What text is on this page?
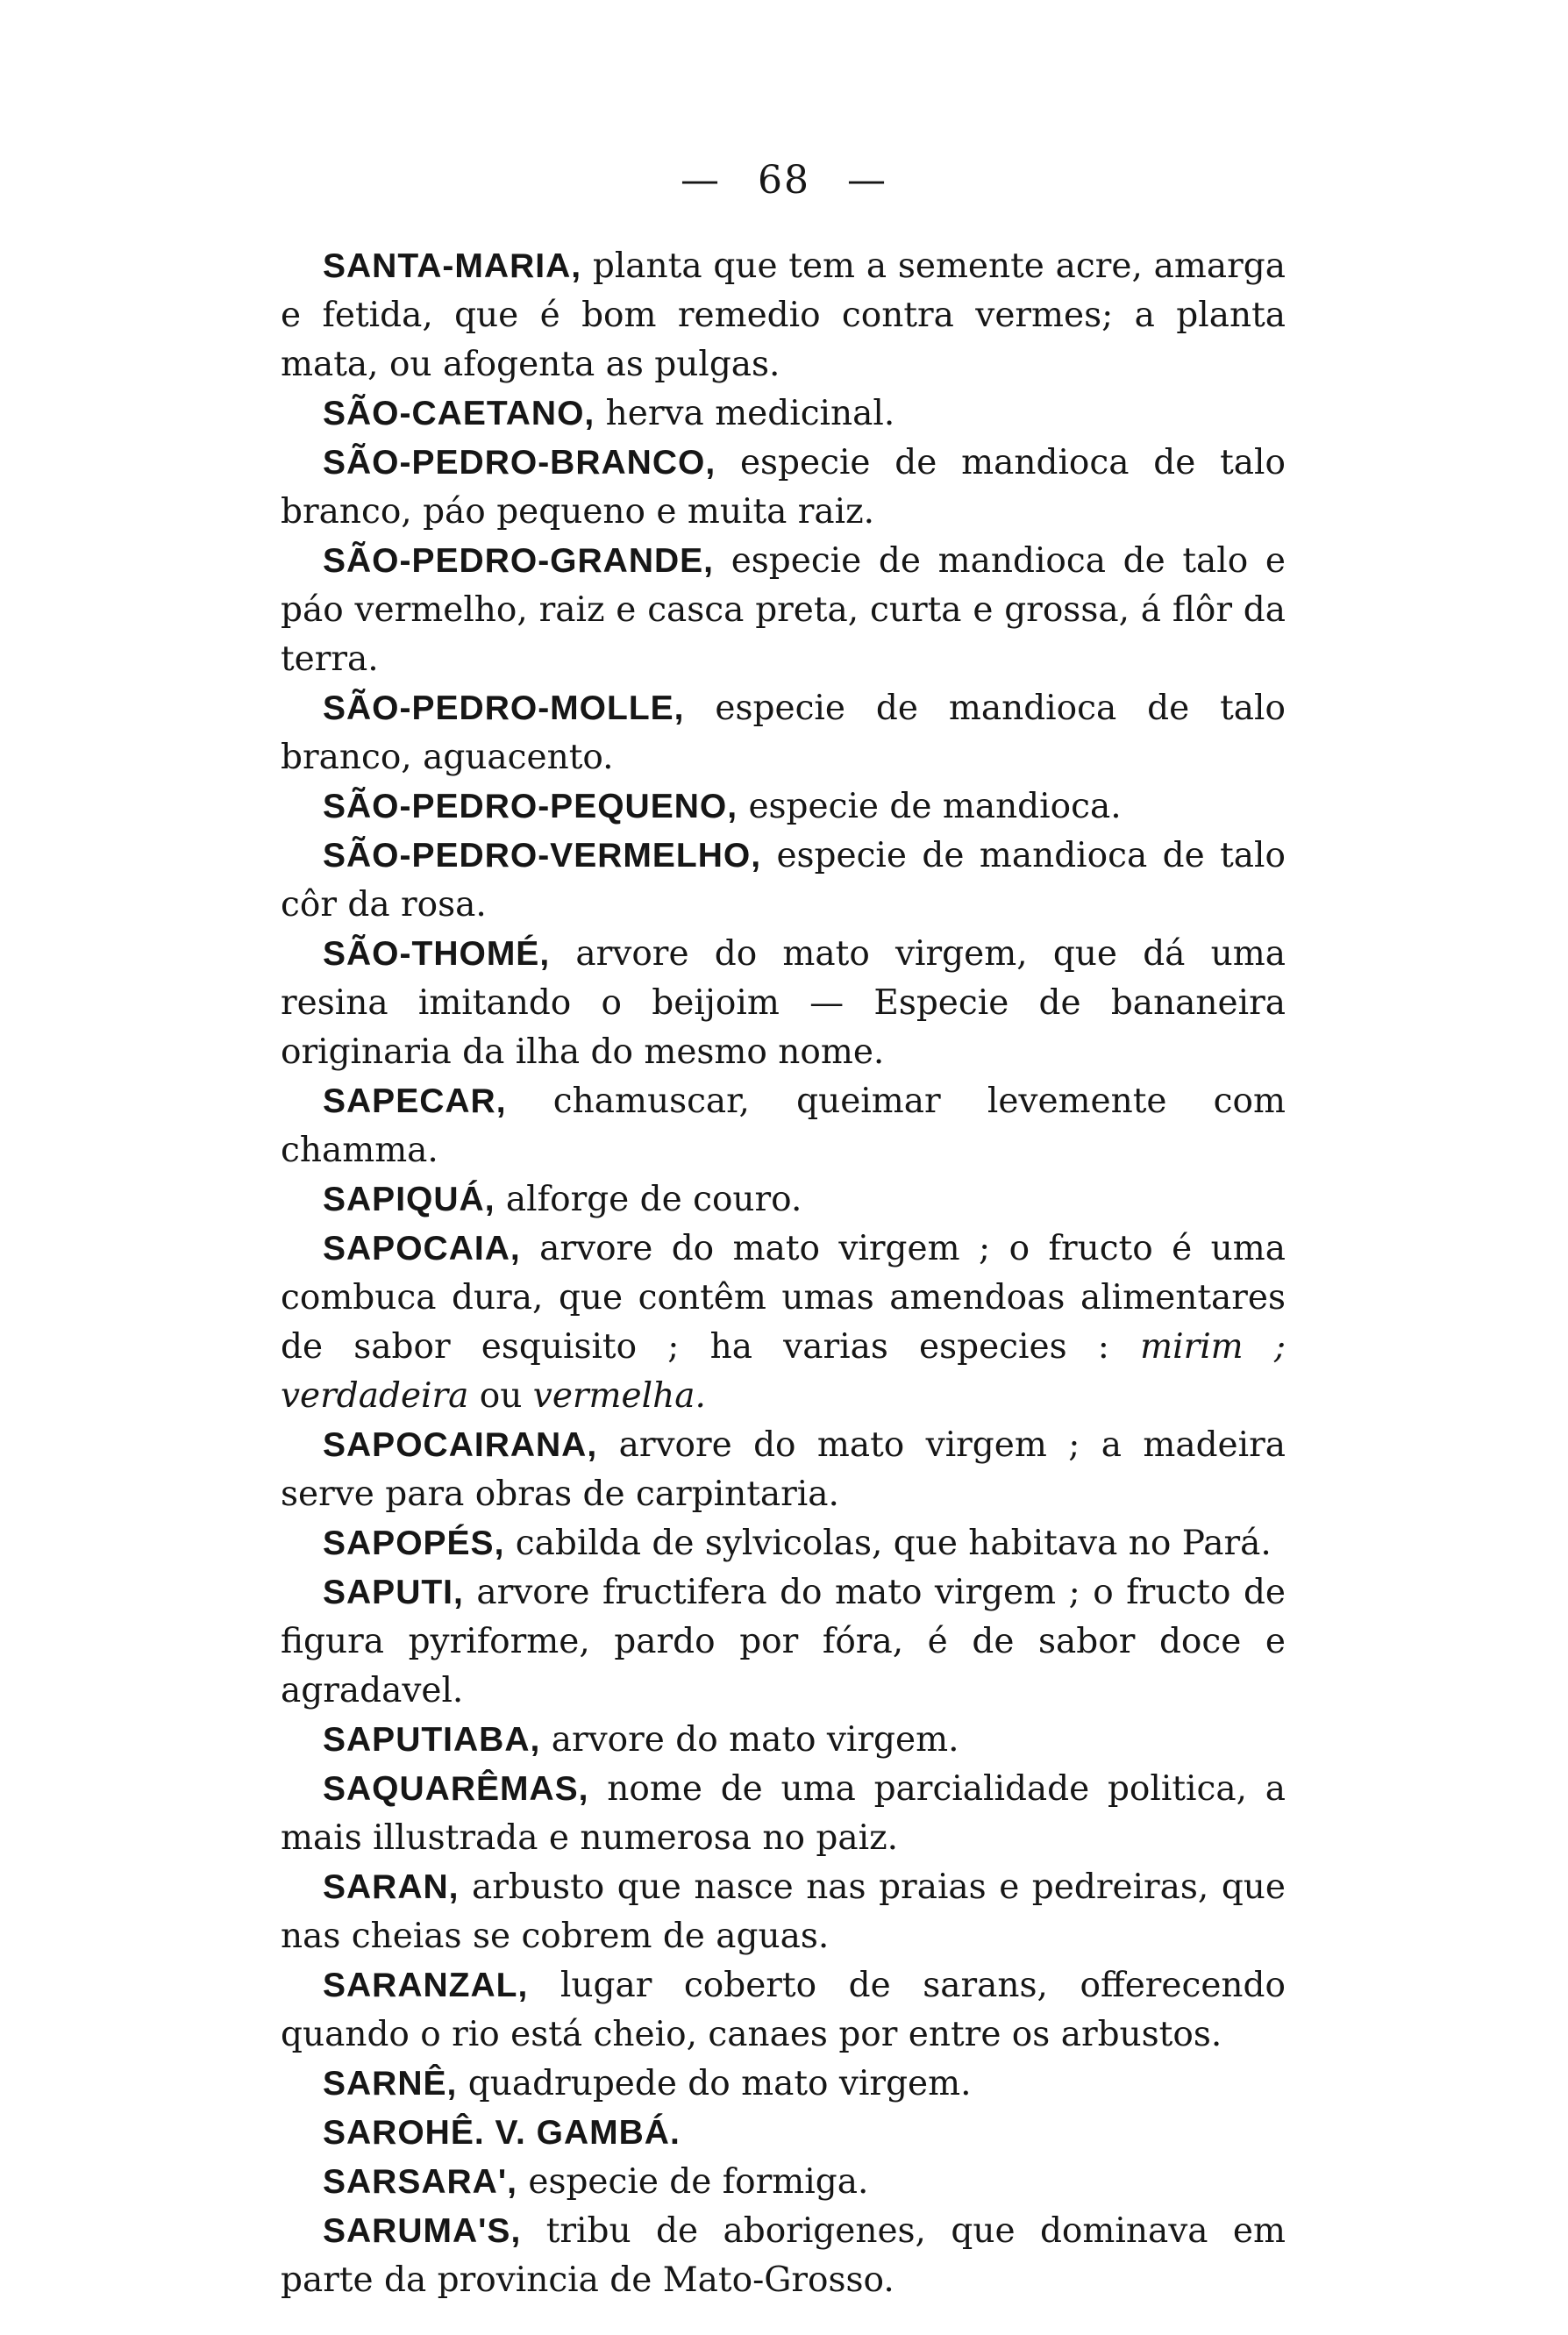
— 68 —

SANTA-MARIA, planta que tem a semente acre, amarga e fetida, que é bom remedio contra vermes; a planta mata, ou afogenta as pulgas.

SÃO-CAETANO, herva medicinal.

SÃO-PEDRO-BRANCO, especie de mandioca de talo branco, páo pequeno e muita raiz.

SÃO-PEDRO-GRANDE, especie de mandioca de talo e páo vermelho, raiz e casca preta, curta e grossa, á flôr da terra.

SÃO-PEDRO-MOLLE, especie de mandioca de talo branco, aguacento.

SÃO-PEDRO-PEQUENO, especie de mandioca.

SÃO-PEDRO-VERMELHO, especie de mandioca de talo côr da rosa.

SÃO-THOMÉ, arvore do mato virgem, que dá uma resina imitando o beijoim — Especie de bananeira originaria da ilha do mesmo nome.

SAPECAR, chamuscar, queimar levemente com chamma.

SAPIQUÁ, alforge de couro.

SAPOCAIA, arvore do mato virgem ; o fructo é uma combuca dura, que contêm umas amendoas alimentares de sabor esquisito ; ha varias especies : mirim ; verdadeira ou vermelha.

SAPOCAIRANA, arvore do mato virgem ; a madeira serve para obras de carpintaria.

SAPOPÉS, cabilda de sylvicolas, que habitava no Pará.

SAPUTI, arvore fructifera do mato virgem ; o fructo de figura pyriforme, pardo por fóra, é de sabor doce e agradavel.

SAPUTIABA, arvore do mato virgem.

SAQUARÊMAS, nome de uma parcialidade politica, a mais illustrada e numerosa no paiz.

SARAN, arbusto que nasce nas praias e pedreiras, que nas cheias se cobrem de aguas.

SARANZAL, lugar coberto de sarans, offerecendo quando o rio está cheio, canaes por entre os arbustos.

SARNÊ, quadrupede do mato virgem.

SAROHÊ. V. GAMBÁ.

SARSARA', especie de formiga.

SARUMA'S, tribu de aborigenes, que dominava em parte da provincia de Mato-Grosso.
